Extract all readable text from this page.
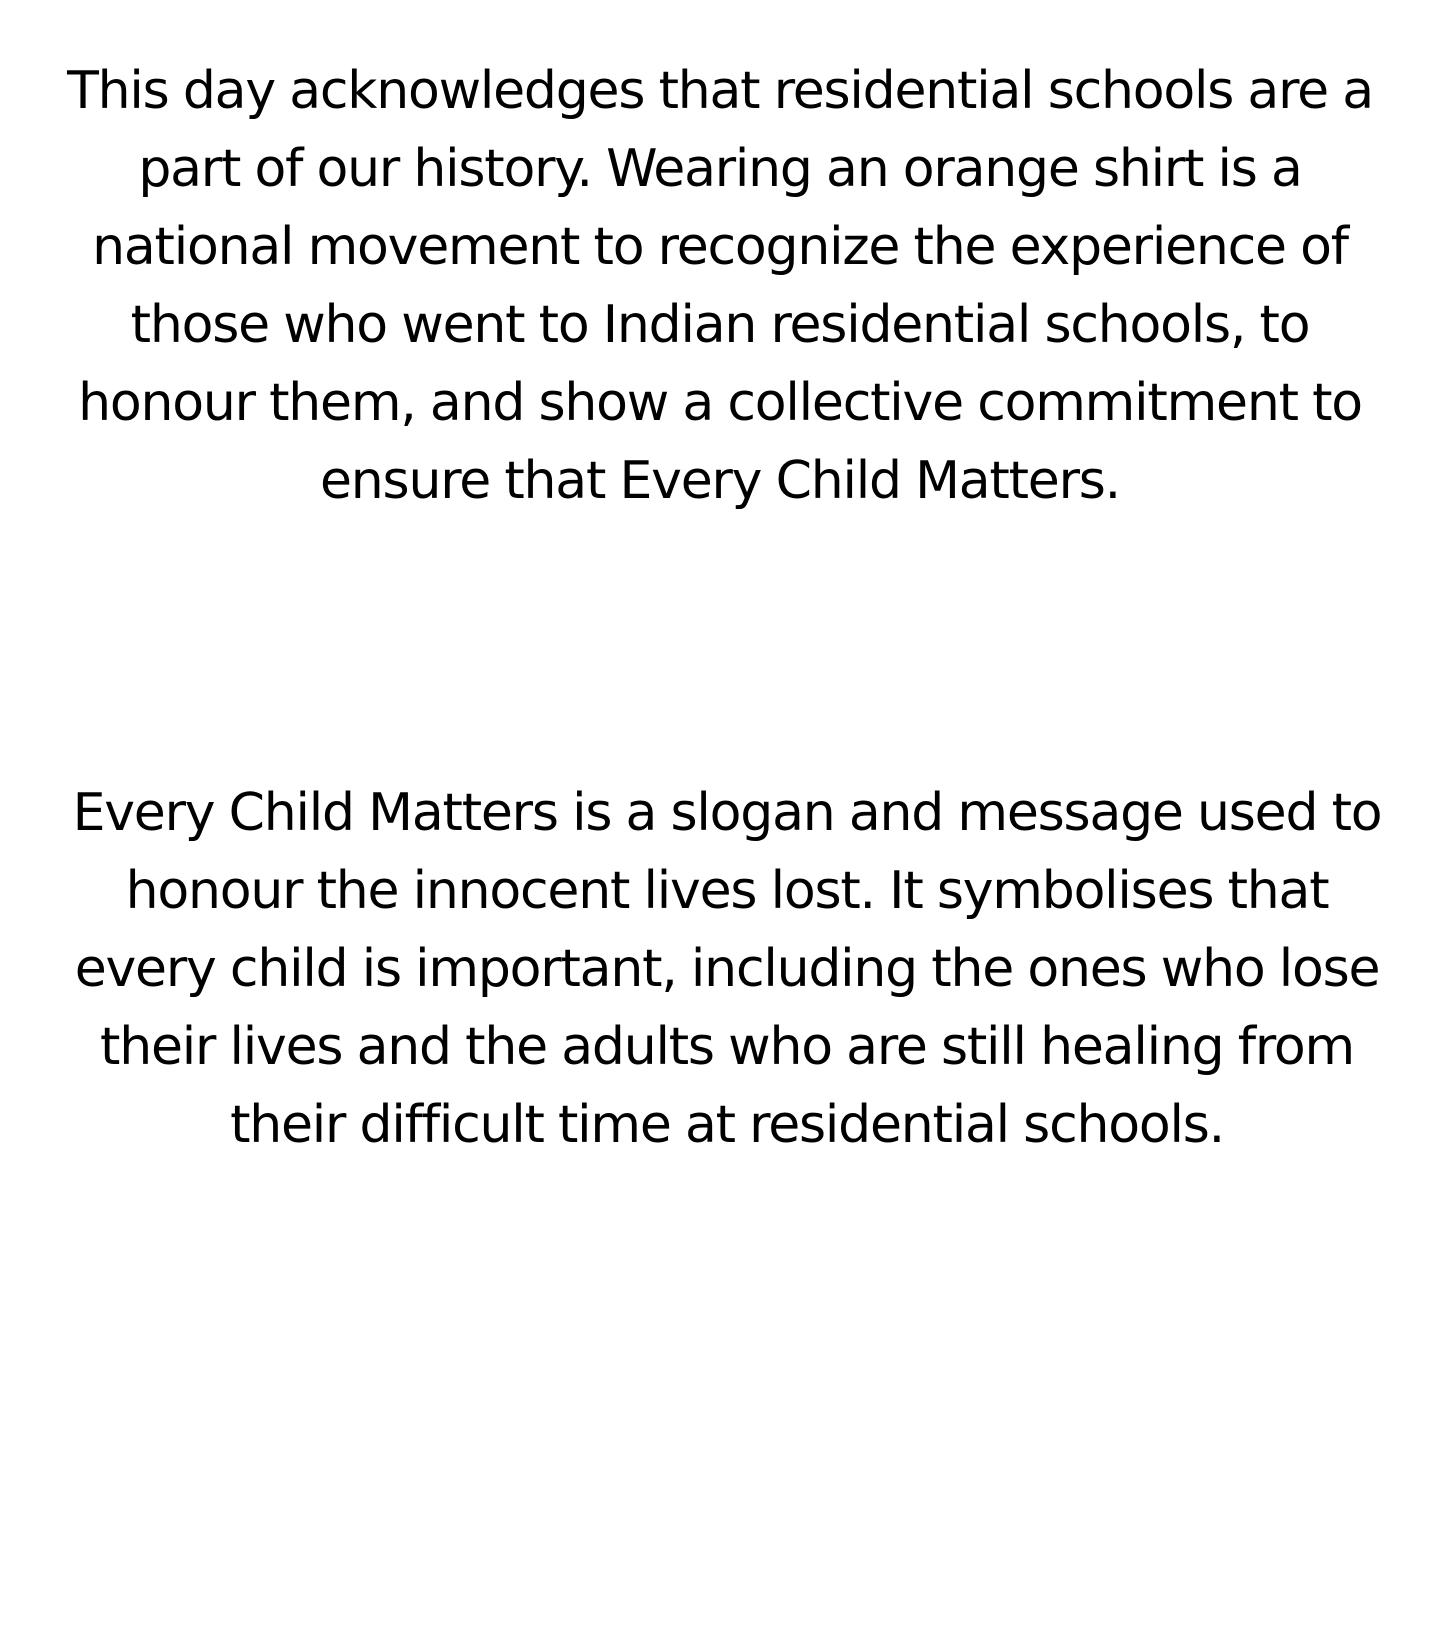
This day acknowledges that residential schools are a
part of our history. Wearing an orange shirt is a
national movement to recognize the experience of
those who went to Indian residential schools, to
honour them, and show a collective commitment to
ensure that Every Child Matters.

Every Child Matters is a slogan and message used to
honour the innocent lives lost. It symbolises that
every child is important, including the ones who lose
their lives and the adults who are still healing from
their difficult time at residential schools.
